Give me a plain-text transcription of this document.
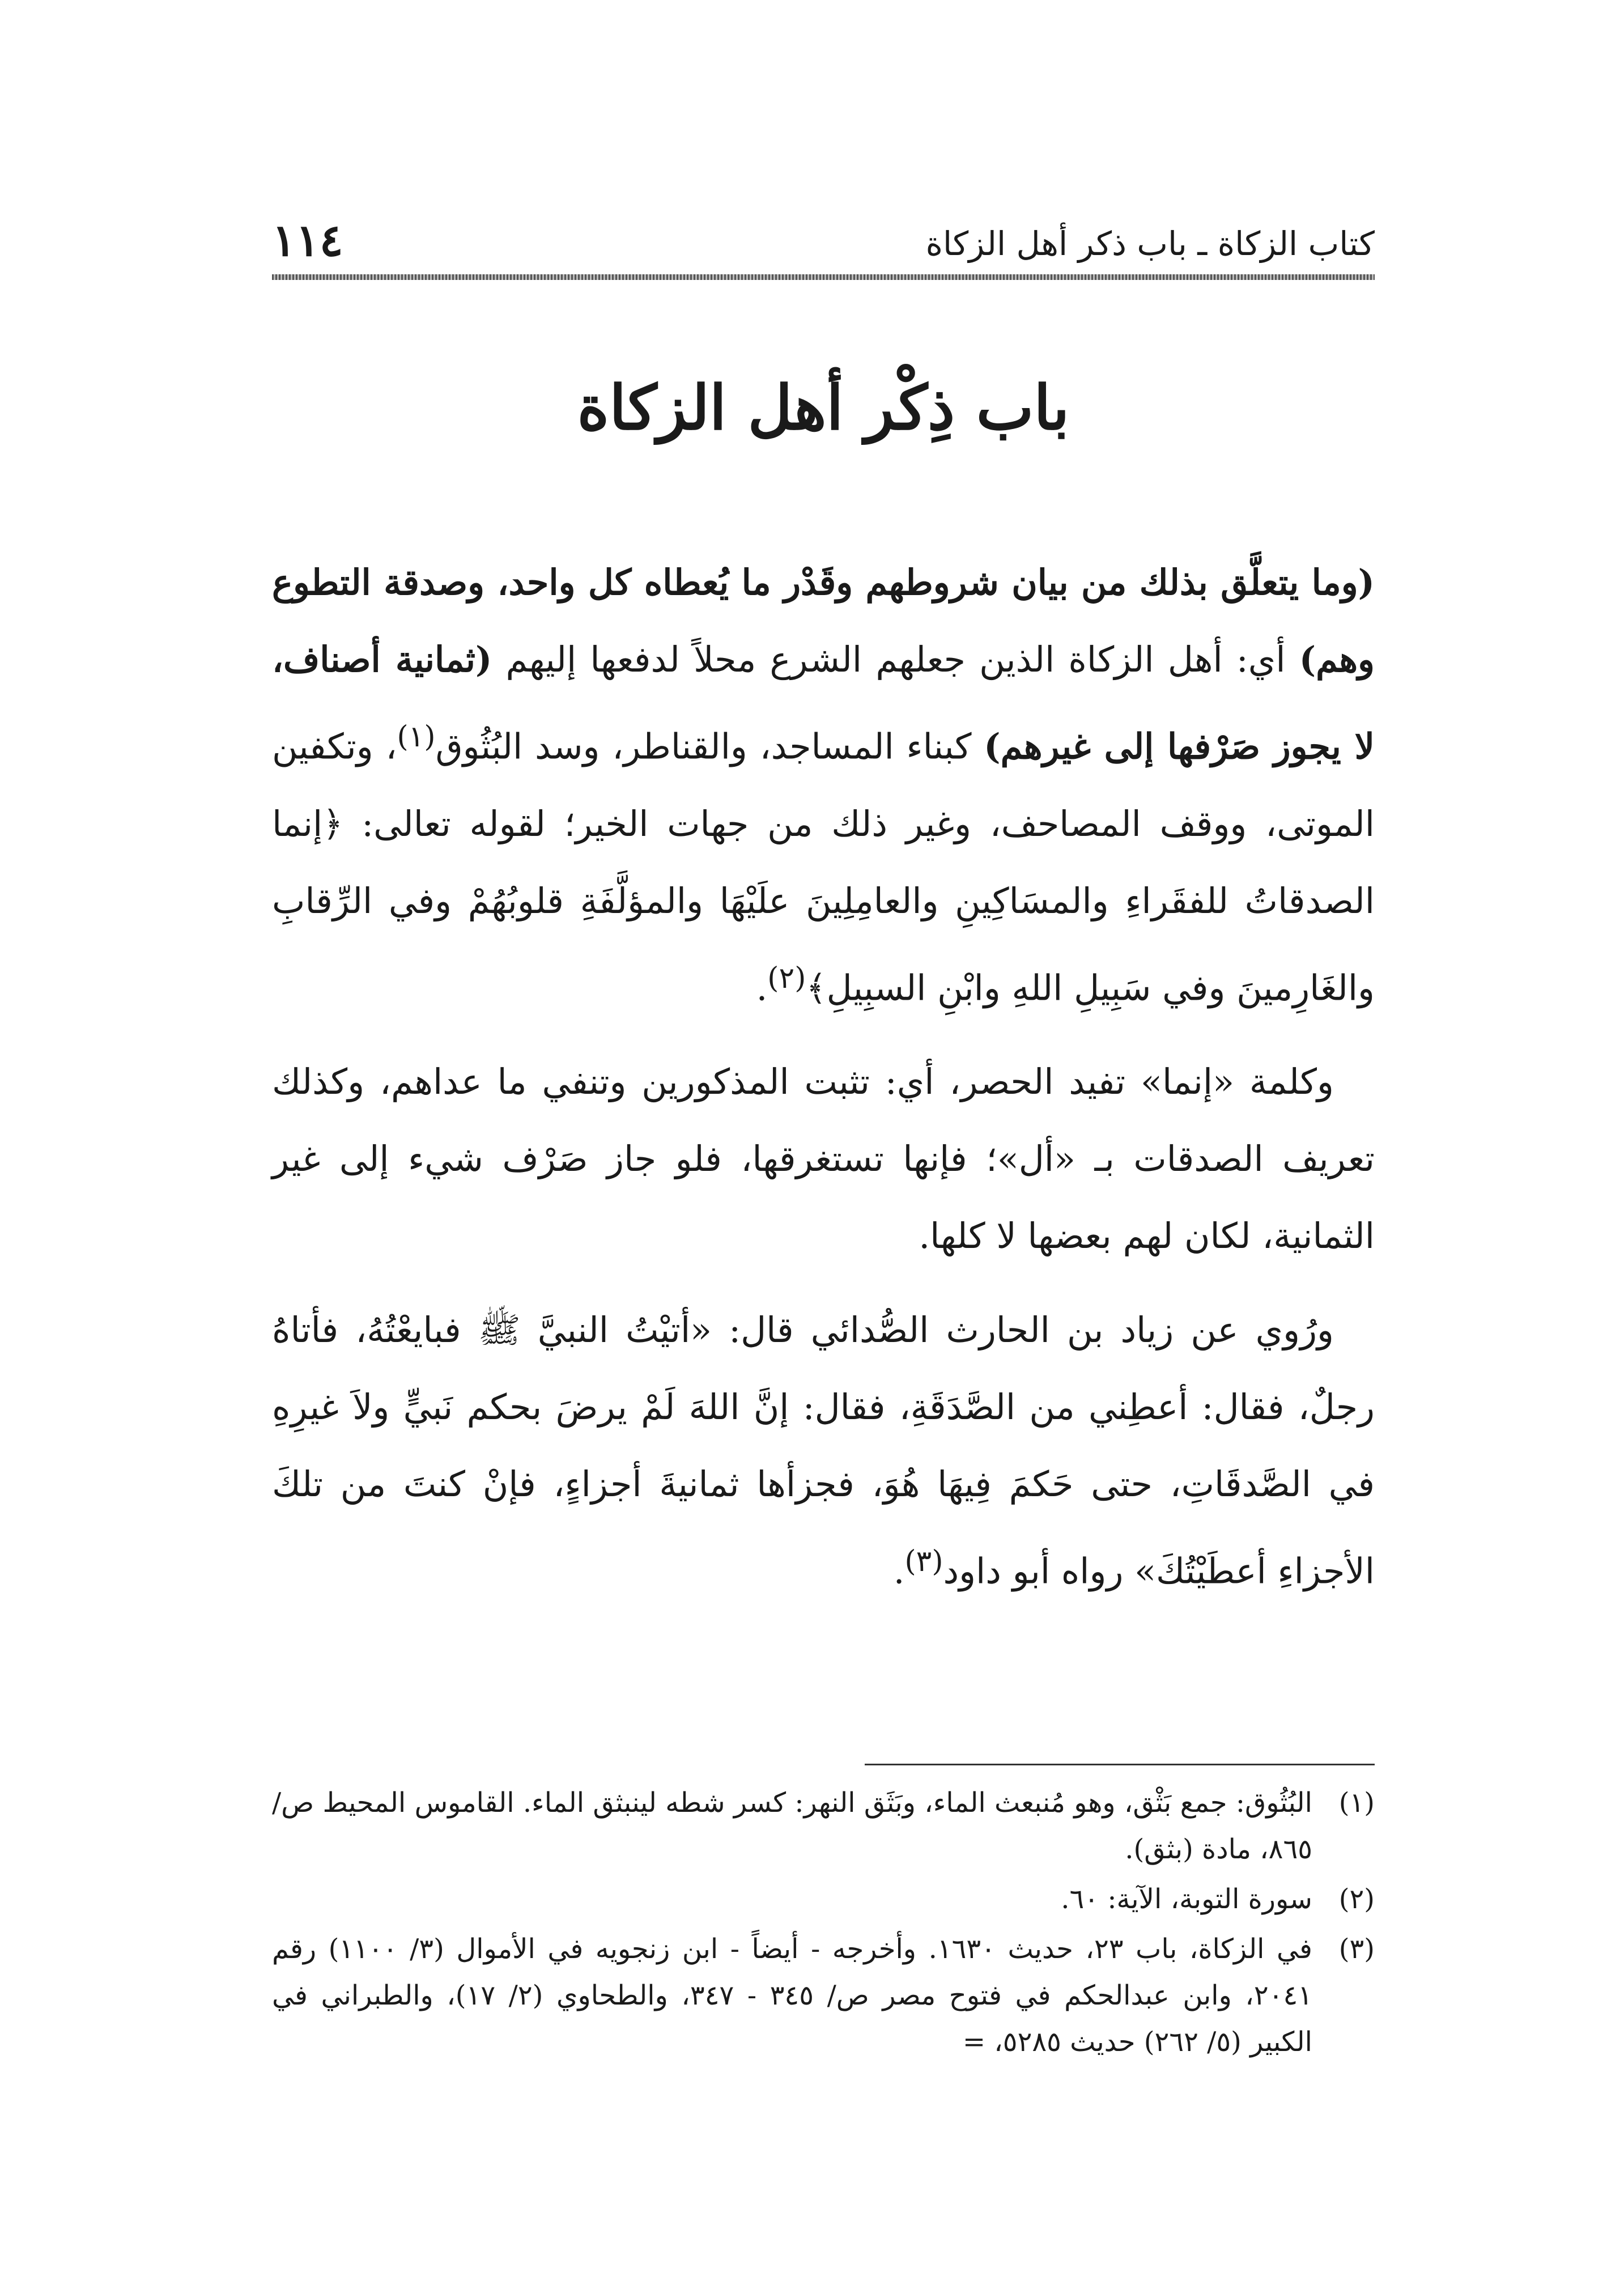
كتاب الزكاة ـ باب ذكر أهل الزكاة
١١٤
باب ذِكْر أهل الزكاة

(وما يتعلَّق بذلك من بيان شروطهم وقَدْر ما يُعطاه كل واحد، وصدقة التطوع وهم) أي: أهل الزكاة الذين جعلهم الشرع محلاً لدفعها إليهم (ثمانية أصناف، لا يجوز صَرْفها إلى غيرهم) كبناء المساجد، والقناطر، وسد البُثُوق$^{(١)}$، وتكفين الموتى، ووقف المصاحف، وغير ذلك من جهات الخير؛ لقوله تعالى: ﴿إنما الصدقاتُ للفقَراءِ والمسَاكِينِ والعامِلِينَ علَيْهَا والمؤلَّفَةِ قلوبُهُمْ وفي الرِّقابِ والغَارِمينَ وفي سَبِيلِ اللهِ وابْنِ السبِيلِ﴾$^{(٢)}$.

وكلمة «إنما» تفيد الحصر، أي: تثبت المذكورين وتنفي ما عداهم، وكذلك تعريف الصدقات بـ «أل»؛ فإنها تستغرقها، فلو جاز صَرْف شيء إلى غير الثمانية، لكان لهم بعضها لا كلها.

ورُوي عن زياد بن الحارث الصُّدائي قال: «أتيْتُ النبيَّ ﷺ فبايعْتُهُ، فأتاهُ رجلٌ، فقال: أعطِني من الصَّدَقَةِ، فقال: إنَّ اللهَ لَمْ يرضَ بحكم نَبيٍّ ولاَ غيرِهِ في الصَّدقَاتِ، حتى حَكمَ فِيهَا هُوَ، فجزأها ثمانيةَ أجزاءٍ، فإنْ كنتَ من تلكَ الأجزاءِ أعطَيْتُكَ» رواه أبو داود$^{(٣)}$.

(١)
البُثُوق: جمع بَثْق، وهو مُنبعث الماء، وبَثَق النهر: كسر شطه لينبثق الماء. القاموس المحيط ص/ ٨٦٥، مادة (بثق).
(٢)
سورة التوبة، الآية: ٦٠.
(٣)
في الزكاة، باب ٢٣، حديث ١٦٣٠. وأخرجه - أيضاً - ابن زنجويه في الأموال (٣/ ١١٠٠) رقم ٢٠٤١، وابن عبدالحكم في فتوح مصر ص/ ٣٤٥ - ٣٤٧، والطحاوي (٢/ ١٧)، والطبراني في الكبير (٥/ ٢٦٢) حديث ٥٢٨٥، =
